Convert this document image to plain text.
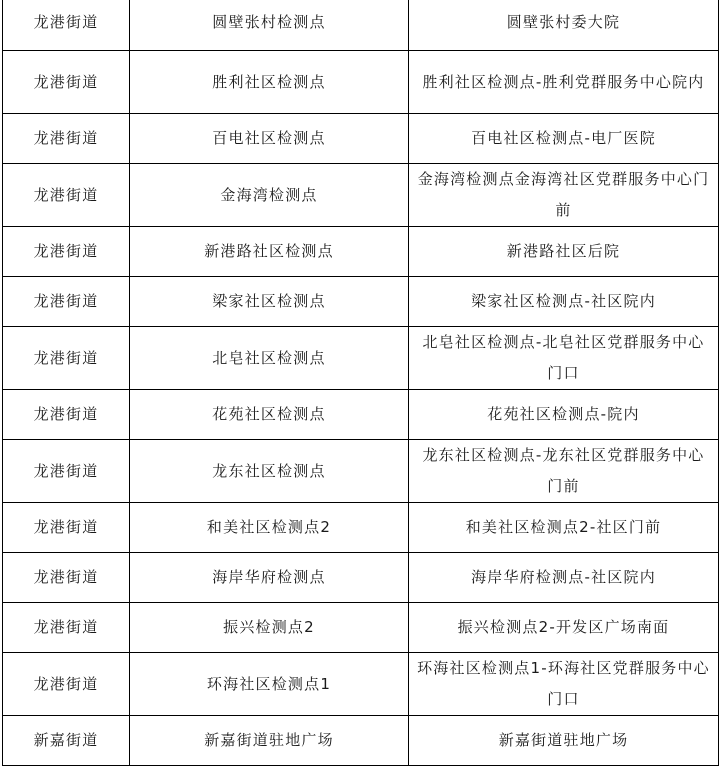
龙港街道	圆壁张村检测点	圆壁张村委大院
龙港街道	胜利社区检测点	胜利社区检测点-胜利党群服务中心院内
龙港街道	百电社区检测点	百电社区检测点-电厂医院
龙港街道	金海湾检测点	金海湾检测点金海湾社区党群服务中心门前
龙港街道	新港路社区检测点	新港路社区后院
龙港街道	梁家社区检测点	梁家社区检测点-社区院内
龙港街道	北皂社区检测点	北皂社区检测点-北皂社区党群服务中心门口
龙港街道	花苑社区检测点	花苑社区检测点-院内
龙港街道	龙东社区检测点	龙东社区检测点-龙东社区党群服务中心门前
龙港街道	和美社区检测点2	和美社区检测点2-社区门前
龙港街道	海岸华府检测点	海岸华府检测点-社区院内
龙港街道	振兴检测点2	振兴检测点2-开发区广场南面
龙港街道	环海社区检测点1	环海社区检测点1-环海社区党群服务中心门口
新嘉街道	新嘉街道驻地广场	新嘉街道驻地广场
